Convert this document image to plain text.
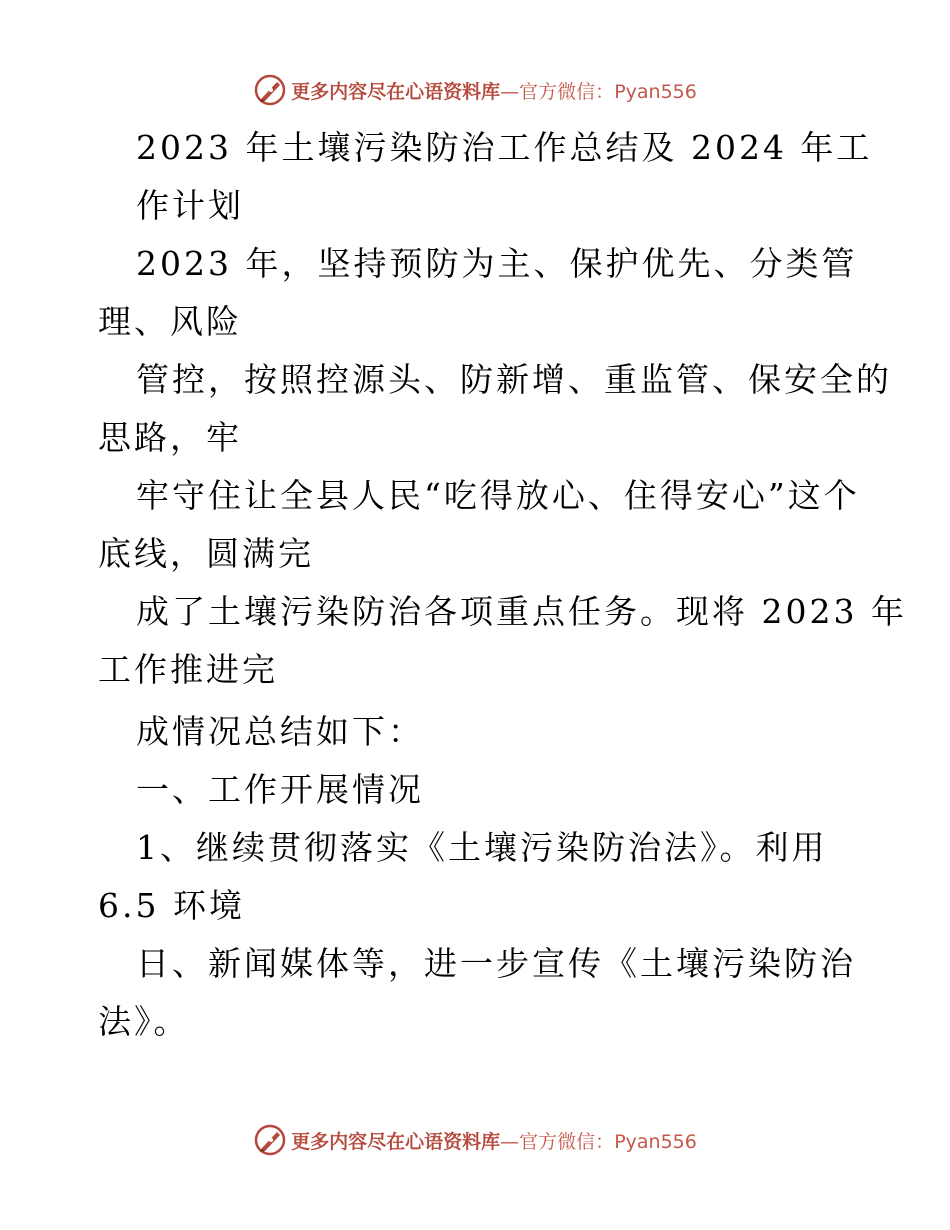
更多内容尽在心语资料库—官方微信：Pyan556
2023 年土壤污染防治工作总结及 2024 年工
作计划
2023 年，坚持预防为主、保护优先、分类管
理、风险
管控，按照控源头、防新增、重监管、保安全的
思路，牢
牢守住让全县人民“吃得放心、住得安心”这个
底线，圆满完
成了土壤污染防治各项重点任务。现将 2023 年
工作推进完
成情况总结如下：
一、工作开展情况
1、继续贯彻落实《土壤污染防治法》。利用
6.5 环境
日、新闻媒体等，进一步宣传《土壤污染防治
法》。
更多内容尽在心语资料库—官方微信：Pyan556
